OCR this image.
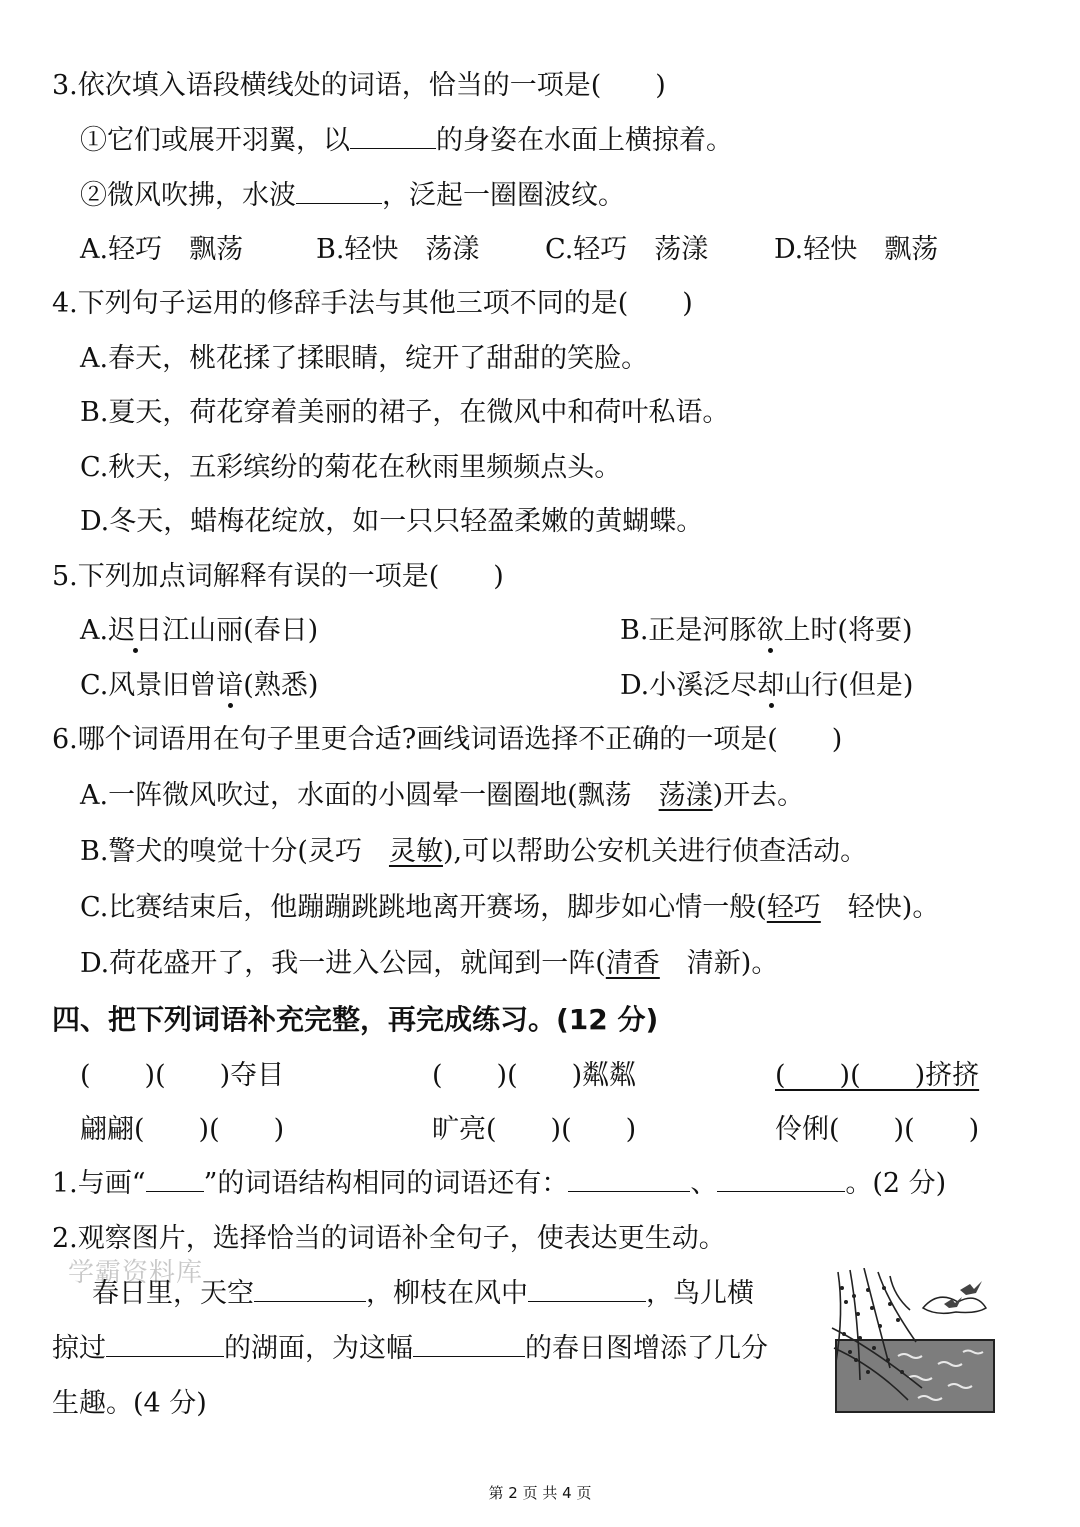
3.依次填入语段横线处的词语，恰当的一项是(　　)
①它们或展开羽翼，以	的身姿在水面上横掠着。
②微风吹拂，水波	，泛起一圈圈波纹。
A.轻巧　飘荡	B.轻快　荡漾 C.轻巧　荡漾 D.轻快　飘荡
4.下列句子运用的修辞手法与其他三项不同的是(　　)
A.春天，桃花揉了揉眼睛，绽开了甜甜的笑脸。
B.夏天，荷花穿着美丽的裙子，在微风中和荷叶私语。
C.秋天，五彩缤纷的菊花在秋雨里频频点头。
D.冬天，蜡梅花绽放，如一只只轻盈柔嫩的黄蝴蝶。
5.下列加点词解释有误的一项是(　　)
A.迟日江山丽(春日)	B.正是河豚欲上时(将要)
C.风景旧曾谙(熟悉)	D.小溪泛尽却山行(但是)
6.哪个词语用在句子里更合适?画线词语选择不正确的一项是(　　)
A.一阵微风吹过，水面的小圆晕一圈圈地(飘荡　荡漾)开去。
B.警犬的嗅觉十分(灵巧　灵敏),可以帮助公安机关进行侦查活动。
C.比赛结束后，他蹦蹦跳跳地离开赛场，脚步如心情一般(轻巧　轻快)。
D.荷花盛开了，我一进入公园，就闻到一阵(清香　清新)。
四、把下列词语补充完整，再完成练习。(12 分)
(　　)(　　)夺目	(　　)(　　)粼粼	(　　)(　　)挤挤
翩翩(　　)(　　)	旷亮(　　)(　　)	伶俐(　　)(　　)
1.与画“ ”的词语结构相同的词语还有：	、	。(2 分)
2.观察图片，选择恰当的词语补全句子，使表达更生动。
学霸资料库
春日里，天空	，柳枝在风中	，鸟儿横
掠过	的湖面，为这幅	的春日图增添了几分
生趣。(4 分)
第 2 页 共 4 页
